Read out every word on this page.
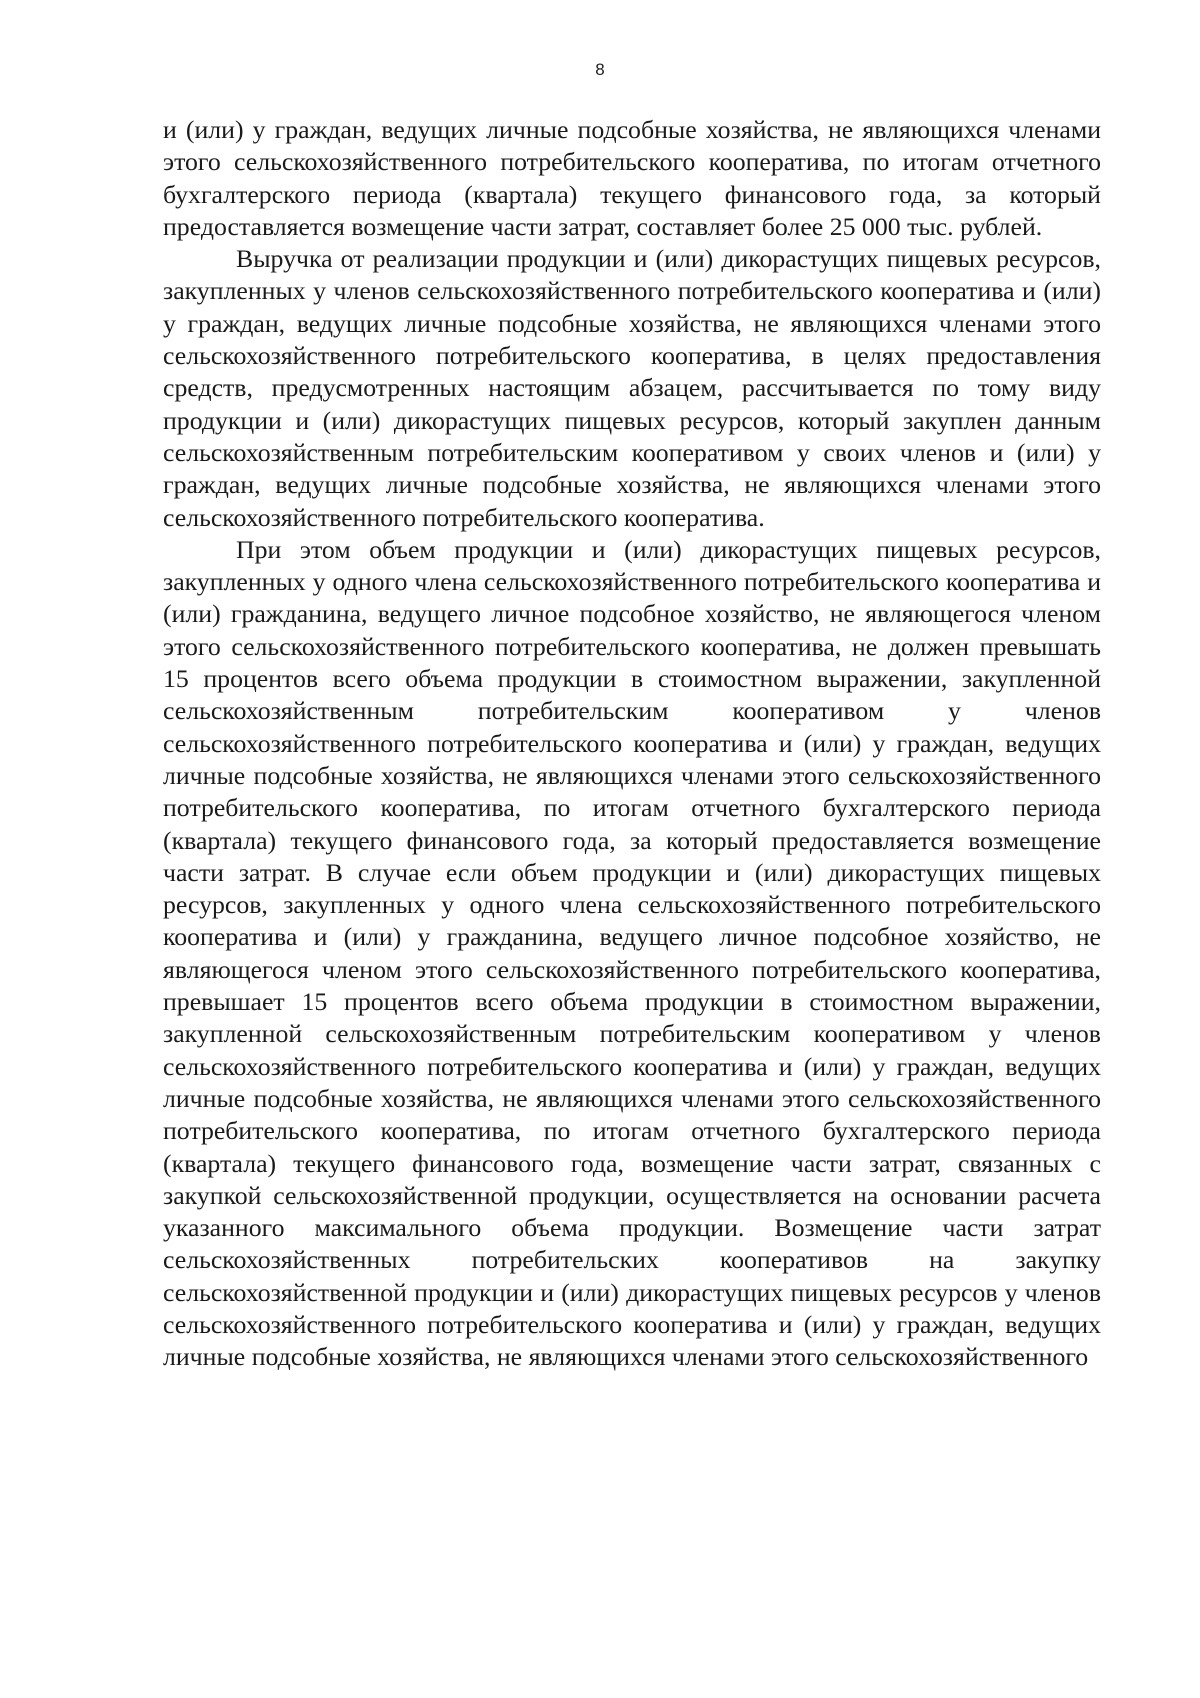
8

и (или) у граждан, ведущих личные подсобные хозяйства, не являющихся членами этого сельскохозяйственного потребительского кооператива, по итогам отчетного бухгалтерского периода (квартала) текущего финансового года, за который предоставляется возмещение части затрат, составляет более 25 000 тыс. рублей.

Выручка от реализации продукции и (или) дикорастущих пищевых ресурсов, закупленных у членов сельскохозяйственного потребительского кооператива и (или) у граждан, ведущих личные подсобные хозяйства, не являющихся членами этого сельскохозяйственного потребительского кооператива, в целях предоставления средств, предусмотренных настоящим абзацем, рассчитывается по тому виду продукции и (или) дикорастущих пищевых ресурсов, который закуплен данным сельскохозяйственным потребительским кооперативом у своих членов и (или) у граждан, ведущих личные подсобные хозяйства, не являющихся членами этого сельскохозяйственного потребительского кооператива.

При этом объем продукции и (или) дикорастущих пищевых ресурсов, закупленных у одного члена сельскохозяйственного потребительского кооператива и (или) гражданина, ведущего личное подсобное хозяйство, не являющегося членом этого сельскохозяйственного потребительского кооператива, не должен превышать 15 процентов всего объема продукции в стоимостном выражении, закупленной сельскохозяйственным потребительским кооперативом у членов сельскохозяйственного потребительского кооператива и (или) у граждан, ведущих личные подсобные хозяйства, не являющихся членами этого сельскохозяйственного потребительского кооператива, по итогам отчетного бухгалтерского периода (квартала) текущего финансового года, за который предоставляется возмещение части затрат. В случае если объем продукции и (или) дикорастущих пищевых ресурсов, закупленных у одного члена сельскохозяйственного потребительского кооператива и (или) у гражданина, ведущего личное подсобное хозяйство, не являющегося членом этого сельскохозяйственного потребительского кооператива, превышает 15 процентов всего объема продукции в стоимостном выражении, закупленной сельскохозяйственным потребительским кооперативом у членов сельскохозяйственного потребительского кооператива и (или) у граждан, ведущих личные подсобные хозяйства, не являющихся членами этого сельскохозяйственного потребительского кооператива, по итогам отчетного бухгалтерского периода (квартала) текущего финансового года, возмещение части затрат, связанных с закупкой сельскохозяйственной продукции, осуществляется на основании расчета указанного максимального объема продукции. Возмещение части затрат сельскохозяйственных потребительских кооперативов на закупку сельскохозяйственной продукции и (или) дикорастущих пищевых ресурсов у членов сельскохозяйственного потребительского кооператива и (или) у граждан, ведущих личные подсобные хозяйства, не являющихся членами этого сельскохозяйственного
